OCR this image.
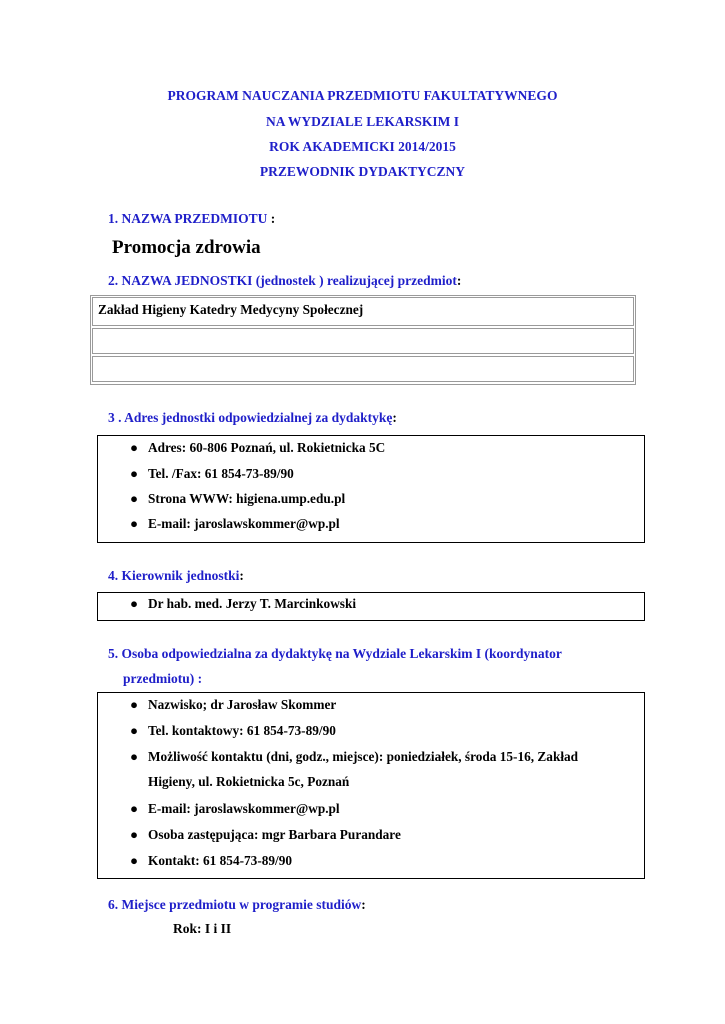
PROGRAM NAUCZANIA PRZEDMIOTU FAKULTATYWNEGO
NA WYDZIALE LEKARSKIM I
ROK AKADEMICKI 2014/2015
PRZEWODNIK DYDAKTYCZNY
1. NAZWA PRZEDMIOTU :
Promocja zdrowia
2. NAZWA JEDNOSTKI (jednostek ) realizującej przedmiot:
Zakład Higieny Katedry Medycyny Społecznej
3 . Adres jednostki odpowiedzialnej za dydaktykę:
● Adres: 60-806 Poznań, ul. Rokietnicka 5C
● Tel. /Fax: 61 854-73-89/90
● Strona WWW: higiena.ump.edu.pl
● E-mail: jaroslawskommer@wp.pl
4. Kierownik jednostki:
● Dr hab. med. Jerzy T. Marcinkowski
5. Osoba odpowiedzialna za dydaktykę na Wydziale Lekarskim I (koordynator
przedmiotu) :
● Nazwisko; dr Jarosław Skommer
● Tel. kontaktowy: 61 854-73-89/90
● Możliwość kontaktu (dni, godz., miejsce): poniedziałek, środa 15-16, Zakład
Higieny, ul. Rokietnicka 5c, Poznań
● E-mail: jaroslawskommer@wp.pl
● Osoba zastępująca: mgr Barbara Purandare
● Kontakt: 61 854-73-89/90
6. Miejsce przedmiotu w programie studiów:
Rok: I i II
